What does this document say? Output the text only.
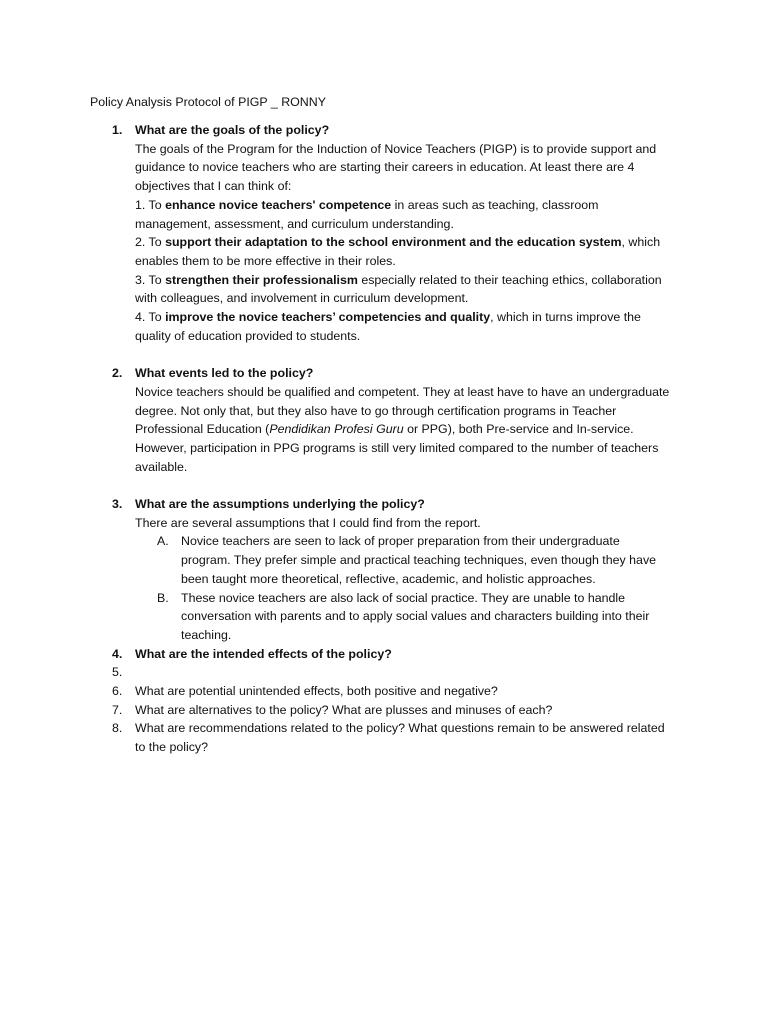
Policy Analysis Protocol of PIGP _ RONNY
1. What are the goals of the policy?
The goals of the Program for the Induction of Novice Teachers (PIGP) is to provide support and guidance to novice teachers who are starting their careers in education. At least there are 4 objectives that I can think of:
1. To enhance novice teachers' competence in areas such as teaching, classroom management, assessment, and curriculum understanding.
2. To support their adaptation to the school environment and the education system, which enables them to be more effective in their roles.
3. To strengthen their professionalism especially related to their teaching ethics, collaboration with colleagues, and involvement in curriculum development.
4. To improve the novice teachers’ competencies and quality, which in turns improve the quality of education provided to students.
2. What events led to the policy?
Novice teachers should be qualified and competent. They at least have to have an undergraduate degree. Not only that, but they also have to go through certification programs in Teacher Professional Education (Pendidikan Profesi Guru or PPG), both Pre-service and In-service. However, participation in PPG programs is still very limited compared to the number of teachers available.
3. What are the assumptions underlying the policy?
There are several assumptions that I could find from the report.
A. Novice teachers are seen to lack of proper preparation from their undergraduate program. They prefer simple and practical teaching techniques, even though they have been taught more theoretical, reflective, academic, and holistic approaches.
B. These novice teachers are also lack of social practice. They are unable to handle conversation with parents and to apply social values and characters building into their teaching.
4. What are the intended effects of the policy?
5.

6. What are potential unintended effects, both positive and negative?
7. What are alternatives to the policy? What are plusses and minuses of each?
8. What are recommendations related to the policy? What questions remain to be answered related to the policy?
